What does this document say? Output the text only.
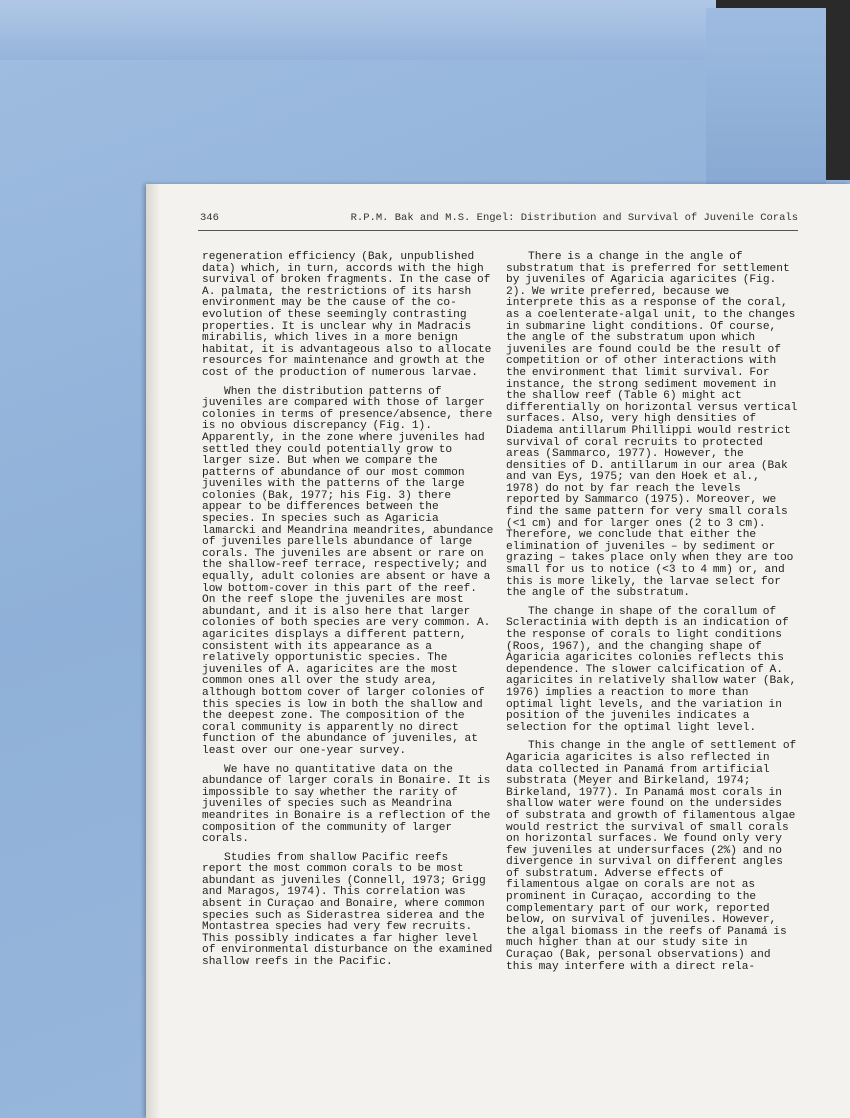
346	R.P.M. Bak and M.S. Engel: Distribution and Survival of Juvenile Corals

regeneration efficiency (Bak, unpublished data) which, in turn, accords with the high survival of broken fragments. In the case of A. palmata, the restrictions of its harsh environment may be the cause of the co-evolution of these seemingly contrasting properties. It is unclear why in Madracis mirabilis, which lives in a more benign habitat, it is advantageous also to allocate resources for maintenance and growth at the cost of the production of numerous larvae.

When the distribution patterns of juveniles are compared with those of larger colonies in terms of presence/absence, there is no obvious discrepancy (Fig. 1). Apparently, in the zone where juveniles had settled they could potentially grow to larger size. But when we compare the patterns of abundance of our most common juveniles with the patterns of the large colonies (Bak, 1977; his Fig. 3) there appear to be differences between the species. In species such as Agaricia lamarcki and Meandrina meandrites, abundance of juveniles parellels abundance of large corals. The juveniles are absent or rare on the shallow-reef terrace, respectively; and equally, adult colonies are absent or have a low bottom-cover in this part of the reef. On the reef slope the juveniles are most abundant, and it is also here that larger colonies of both species are very common. A. agaricites displays a different pattern, consistent with its appearance as a relatively opportunistic species. The juveniles of A. agaricites are the most common ones all over the study area, although bottom cover of larger colonies of this species is low in both the shallow and the deepest zone. The composition of the coral community is apparently no direct function of the abundance of juveniles, at least over our one-year survey.

We have no quantitative data on the abundance of larger corals in Bonaire. It is impossible to say whether the rarity of juveniles of species such as Meandrina meandrites in Bonaire is a reflection of the composition of the community of larger corals.

Studies from shallow Pacific reefs report the most common corals to be most abundant as juveniles (Connell, 1973; Grigg and Maragos, 1974). This correlation was absent in Curaçao and Bonaire, where common species such as Siderastrea siderea and the Montastrea species had very few recruits. This possibly indicates a far higher level of environmental disturbance on the examined shallow reefs in the Pacific.

There is a change in the angle of substratum that is preferred for settlement by juveniles of Agaricia agaricites (Fig. 2). We write preferred, because we interprete this as a response of the coral, as a coelenterate-algal unit, to the changes in submarine light conditions. Of course, the angle of the substratum upon which juveniles are found could be the result of competition or of other interactions with the environment that limit survival. For instance, the strong sediment movement in the shallow reef (Table 6) might act differentially on horizontal versus vertical surfaces. Also, very high densities of Diadema antillarum Phillippi would restrict survival of coral recruits to protected areas (Sammarco, 1977). However, the densities of D. antillarum in our area (Bak and van Eys, 1975; van den Hoek et al., 1978) do not by far reach the levels reported by Sammarco (1975). Moreover, we find the same pattern for very small corals (<1 cm) and for larger ones (2 to 3 cm). Therefore, we conclude that either the elimination of juveniles – by sediment or grazing – takes place only when they are too small for us to notice (<3 to 4 mm) or, and this is more likely, the larvae select for the angle of the substratum.

The change in shape of the corallum of Scleractinia with depth is an indication of the response of corals to light conditions (Roos, 1967), and the changing shape of Agaricia agaricites colonies reflects this dependence. The slower calcification of A. agaricites in relatively shallow water (Bak, 1976) implies a reaction to more than optimal light levels, and the variation in position of the juveniles indicates a selection for the optimal light level.

This change in the angle of settlement of Agaricia agaricites is also reflected in data collected in Panamá from artificial substrata (Meyer and Birkeland, 1974; Birkeland, 1977). In Panamá most corals in shallow water were found on the undersides of substrata and growth of filamentous algae would restrict the survival of small corals on horizontal surfaces. We found only very few juveniles at undersurfaces (2%) and no divergence in survival on different angles of substratum. Adverse effects of filamentous algae on corals are not as prominent in Curaçao, according to the complementary part of our work, reported below, on survival of juveniles. However, the algal biomass in the reefs of Panamá is much higher than at our study site in Curaçao (Bak, personal observations) and this may interfere with a direct rela-
